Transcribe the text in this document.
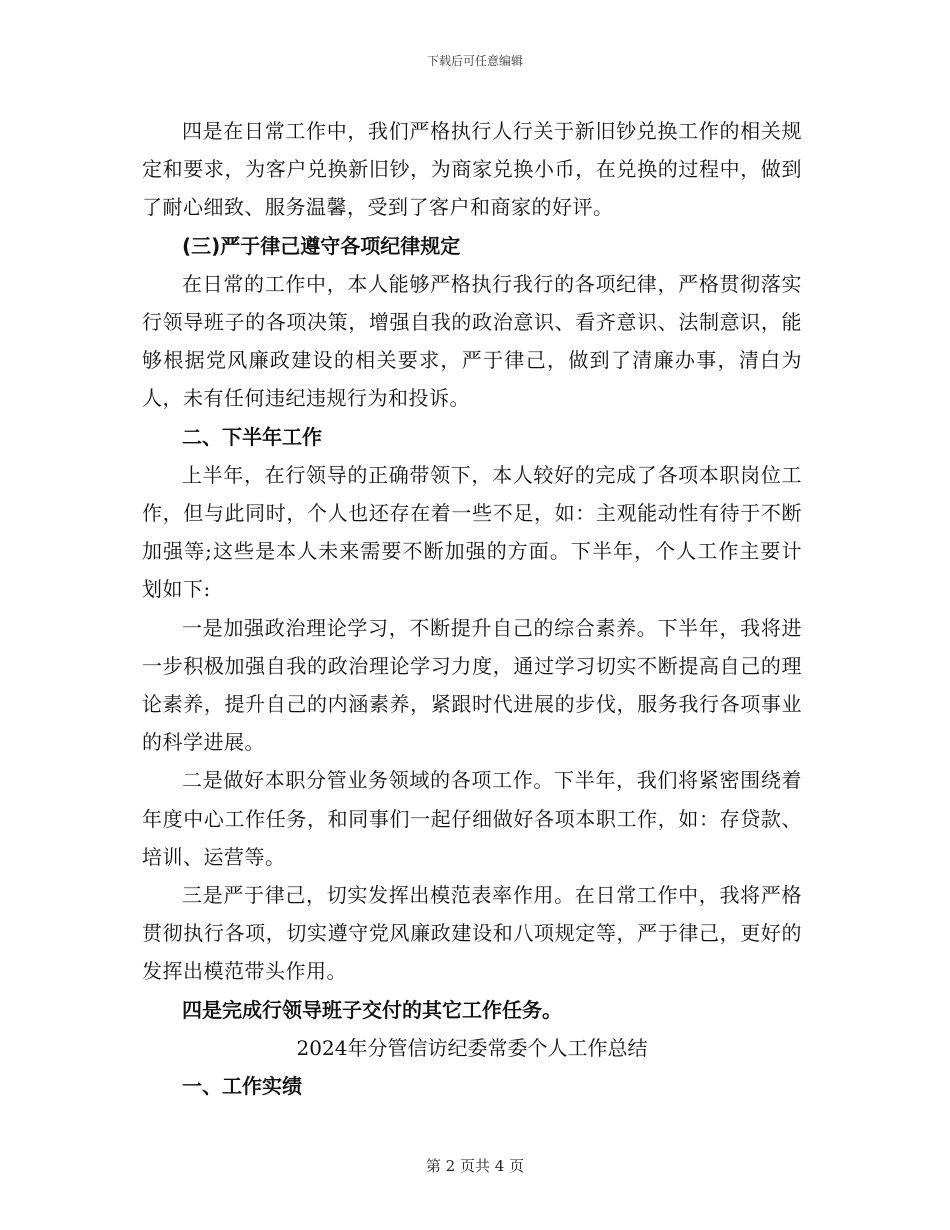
下载后可任意编辑

四是在日常工作中，我们严格执行人行关于新旧钞兑换工作的相关规定和要求，为客户兑换新旧钞，为商家兑换小币，在兑换的过程中，做到了耐心细致、服务温馨，受到了客户和商家的好评。

(三)严于律己遵守各项纪律规定

在日常的工作中，本人能够严格执行我行的各项纪律，严格贯彻落实行领导班子的各项决策，增强自我的政治意识、看齐意识、法制意识，能够根据党风廉政建设的相关要求，严于律己，做到了清廉办事，清白为人，未有任何违纪违规行为和投诉。

二、下半年工作

上半年，在行领导的正确带领下，本人较好的完成了各项本职岗位工作，但与此同时，个人也还存在着一些不足，如：主观能动性有待于不断加强等;这些是本人未来需要不断加强的方面。下半年，个人工作主要计划如下:

一是加强政治理论学习，不断提升自己的综合素养。下半年，我将进一步积极加强自我的政治理论学习力度，通过学习切实不断提高自己的理论素养，提升自己的内涵素养，紧跟时代进展的步伐，服务我行各项事业的科学进展。

二是做好本职分管业务领域的各项工作。下半年，我们将紧密围绕着年度中心工作任务，和同事们一起仔细做好各项本职工作，如：存贷款、培训、运营等。

三是严于律己，切实发挥出模范表率作用。在日常工作中，我将严格贯彻执行各项，切实遵守党风廉政建设和八项规定等，严于律己，更好的发挥出模范带头作用。

四是完成行领导班子交付的其它工作任务。

2024年分管信访纪委常委个人工作总结

一、工作实绩

第 2 页共 4 页
